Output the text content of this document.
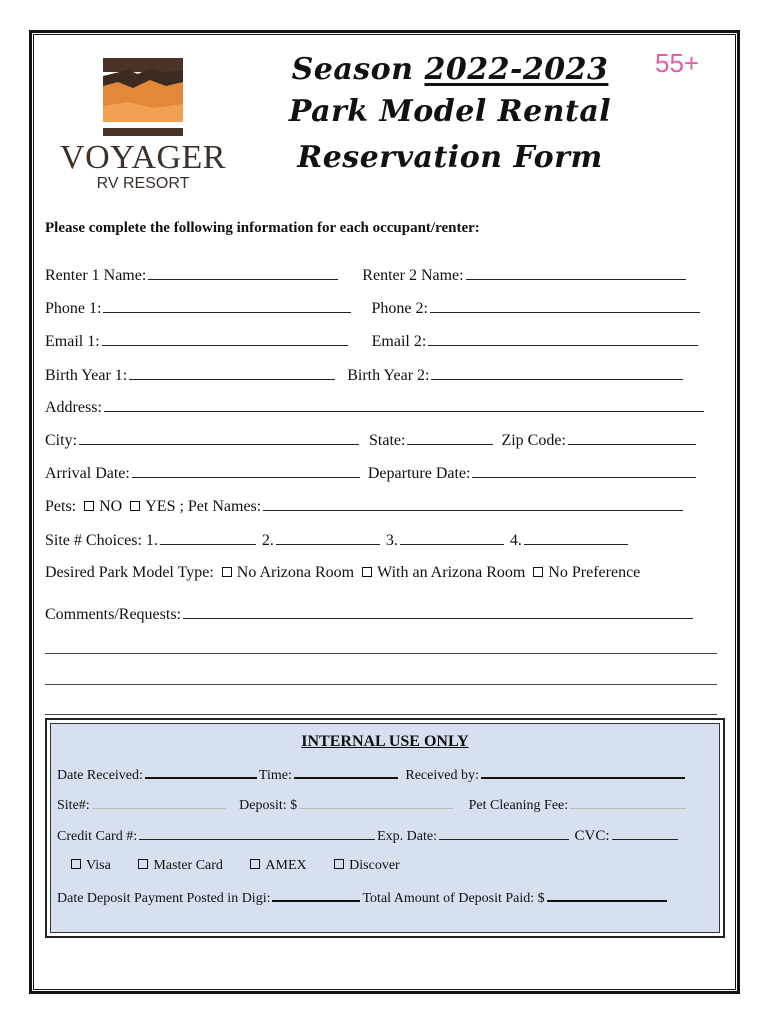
VOYAGER
RV RESORT
Season 2022-2023
Park Model Rental
Reservation Form
55+
Please complete the following information for each occupant/renter:
Renter 1 Name:	Renter 2 Name:
Phone 1:	Phone 2:
Email 1:	Email 2:
Birth Year 1:	Birth Year 2:
Address:
City:	State:	Zip Code:
Arrival Date:	Departure Date:
Pets: NO YES ; Pet Names:
Site # Choices: 1.	2.	3.	4.
Desired Park Model Type: No Arizona Room With an Arizona Room No Preference
Comments/Requests:
INTERNAL USE ONLY
Date Received:	Time:	Received by:
Site#:	Deposit: $	Pet Cleaning Fee:
Credit Card #:	Exp. Date:	CVC:
Visa	Master Card	AMEX	Discover
Date Deposit Payment Posted in Digi:	Total Amount of Deposit Paid: $
